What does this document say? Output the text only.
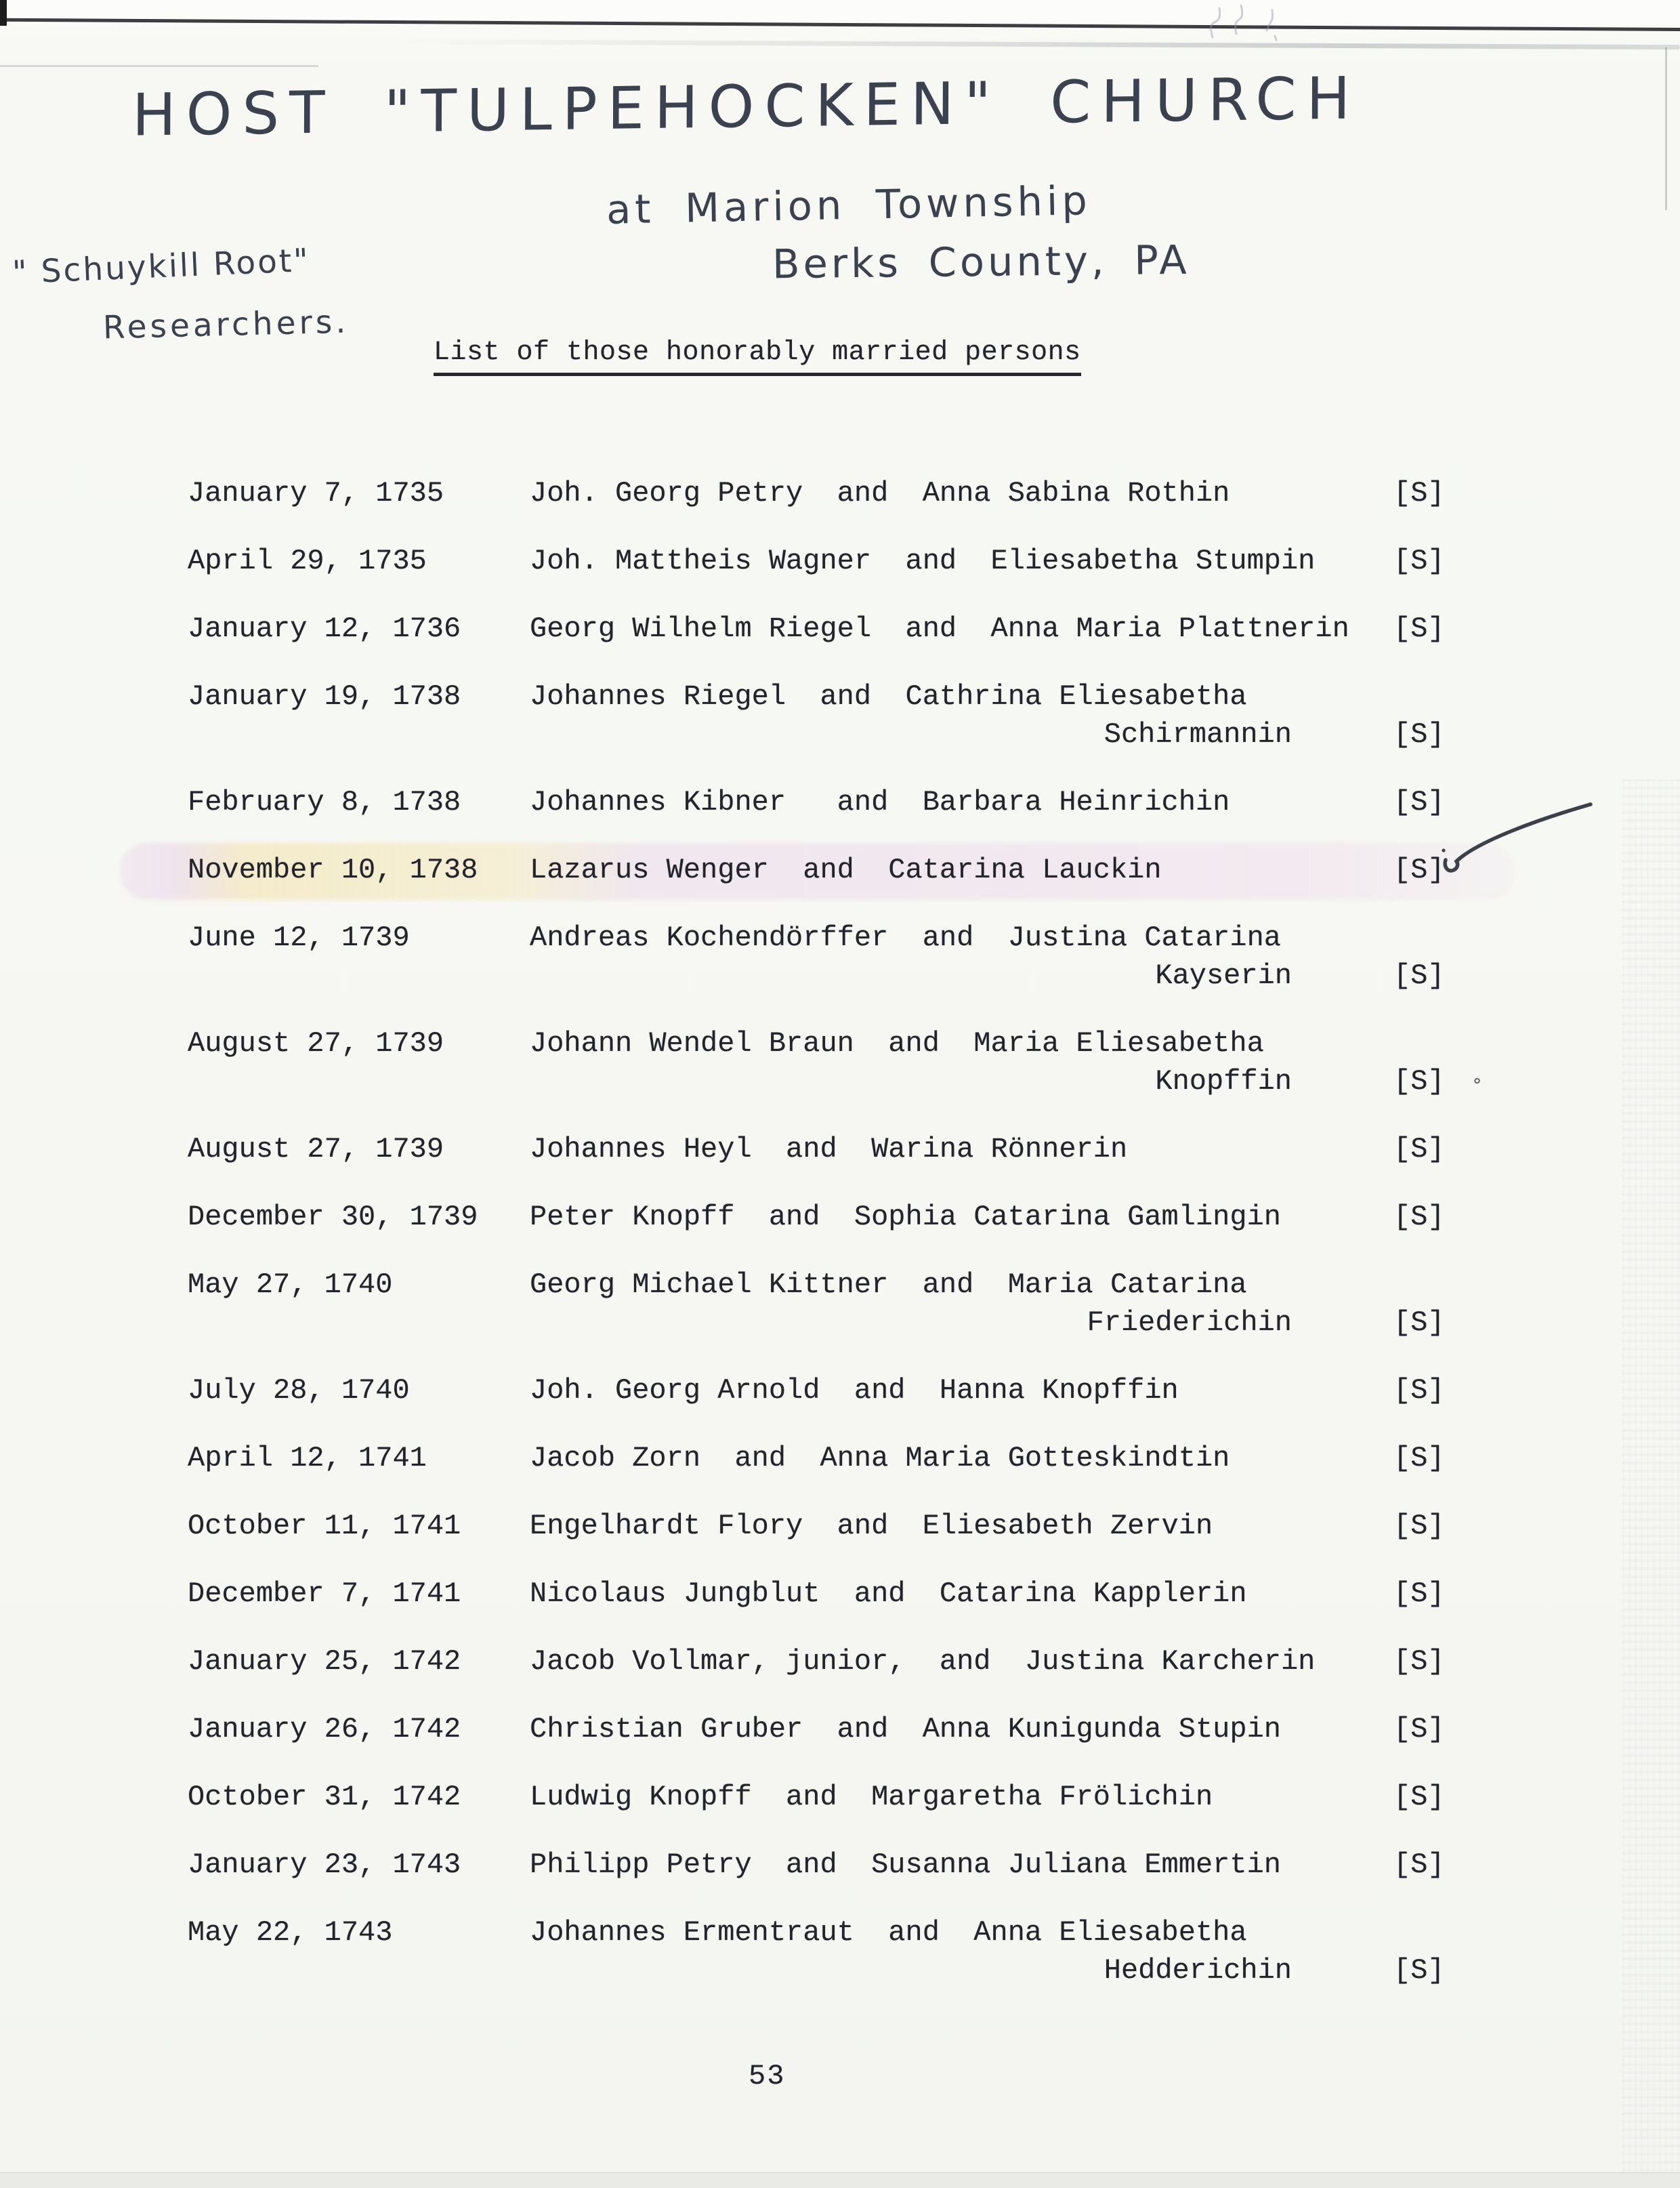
HOST "TULPEHOCKEN" CHURCH
at Marion Township
Berks County, PA
" Schuykill Root"
Researchers.
List of those honorably married persons
January 7, 1735	Joh. Georg Petry  and  Anna Sabina Rothin	[S]
April 29, 1735	Joh. Mattheis Wagner  and  Eliesabetha Stumpin	[S]
January 12, 1736	Georg Wilhelm Riegel  and  Anna Maria Plattnerin	[S]
January 19, 1738	Johannes Riegel  and  Cathrina Eliesabetha
Schirmannin	[S]
February 8, 1738	Johannes Kibner   and  Barbara Heinrichin	[S]
November 10, 1738	Lazarus Wenger  and  Catarina Lauckin	[S]
June 12, 1739	Andreas Kochendörffer  and  Justina Catarina
Kayserin	[S]
August 27, 1739	Johann Wendel Braun  and  Maria Eliesabetha
Knopffin	[S] °
August 27, 1739	Johannes Heyl  and  Warina Rönnerin	[S]
December 30, 1739	Peter Knopff  and  Sophia Catarina Gamlingin	[S]
May 27, 1740	Georg Michael Kittner  and  Maria Catarina
Friederichin	[S]
July 28, 1740	Joh. Georg Arnold  and  Hanna Knopffin	[S]
April 12, 1741	Jacob Zorn  and  Anna Maria Gotteskindtin	[S]
October 11, 1741	Engelhardt Flory  and  Eliesabeth Zervin	[S]
December 7, 1741	Nicolaus Jungblut  and  Catarina Kapplerin	[S]
January 25, 1742	Jacob Vollmar, junior,  and  Justina Karcherin	[S]
January 26, 1742	Christian Gruber  and  Anna Kunigunda Stupin	[S]
October 31, 1742	Ludwig Knopff  and  Margaretha Frölichin	[S]
January 23, 1743	Philipp Petry  and  Susanna Juliana Emmertin	[S]
May 22, 1743	Johannes Ermentraut  and  Anna Eliesabetha
Hedderichin	[S]
53
